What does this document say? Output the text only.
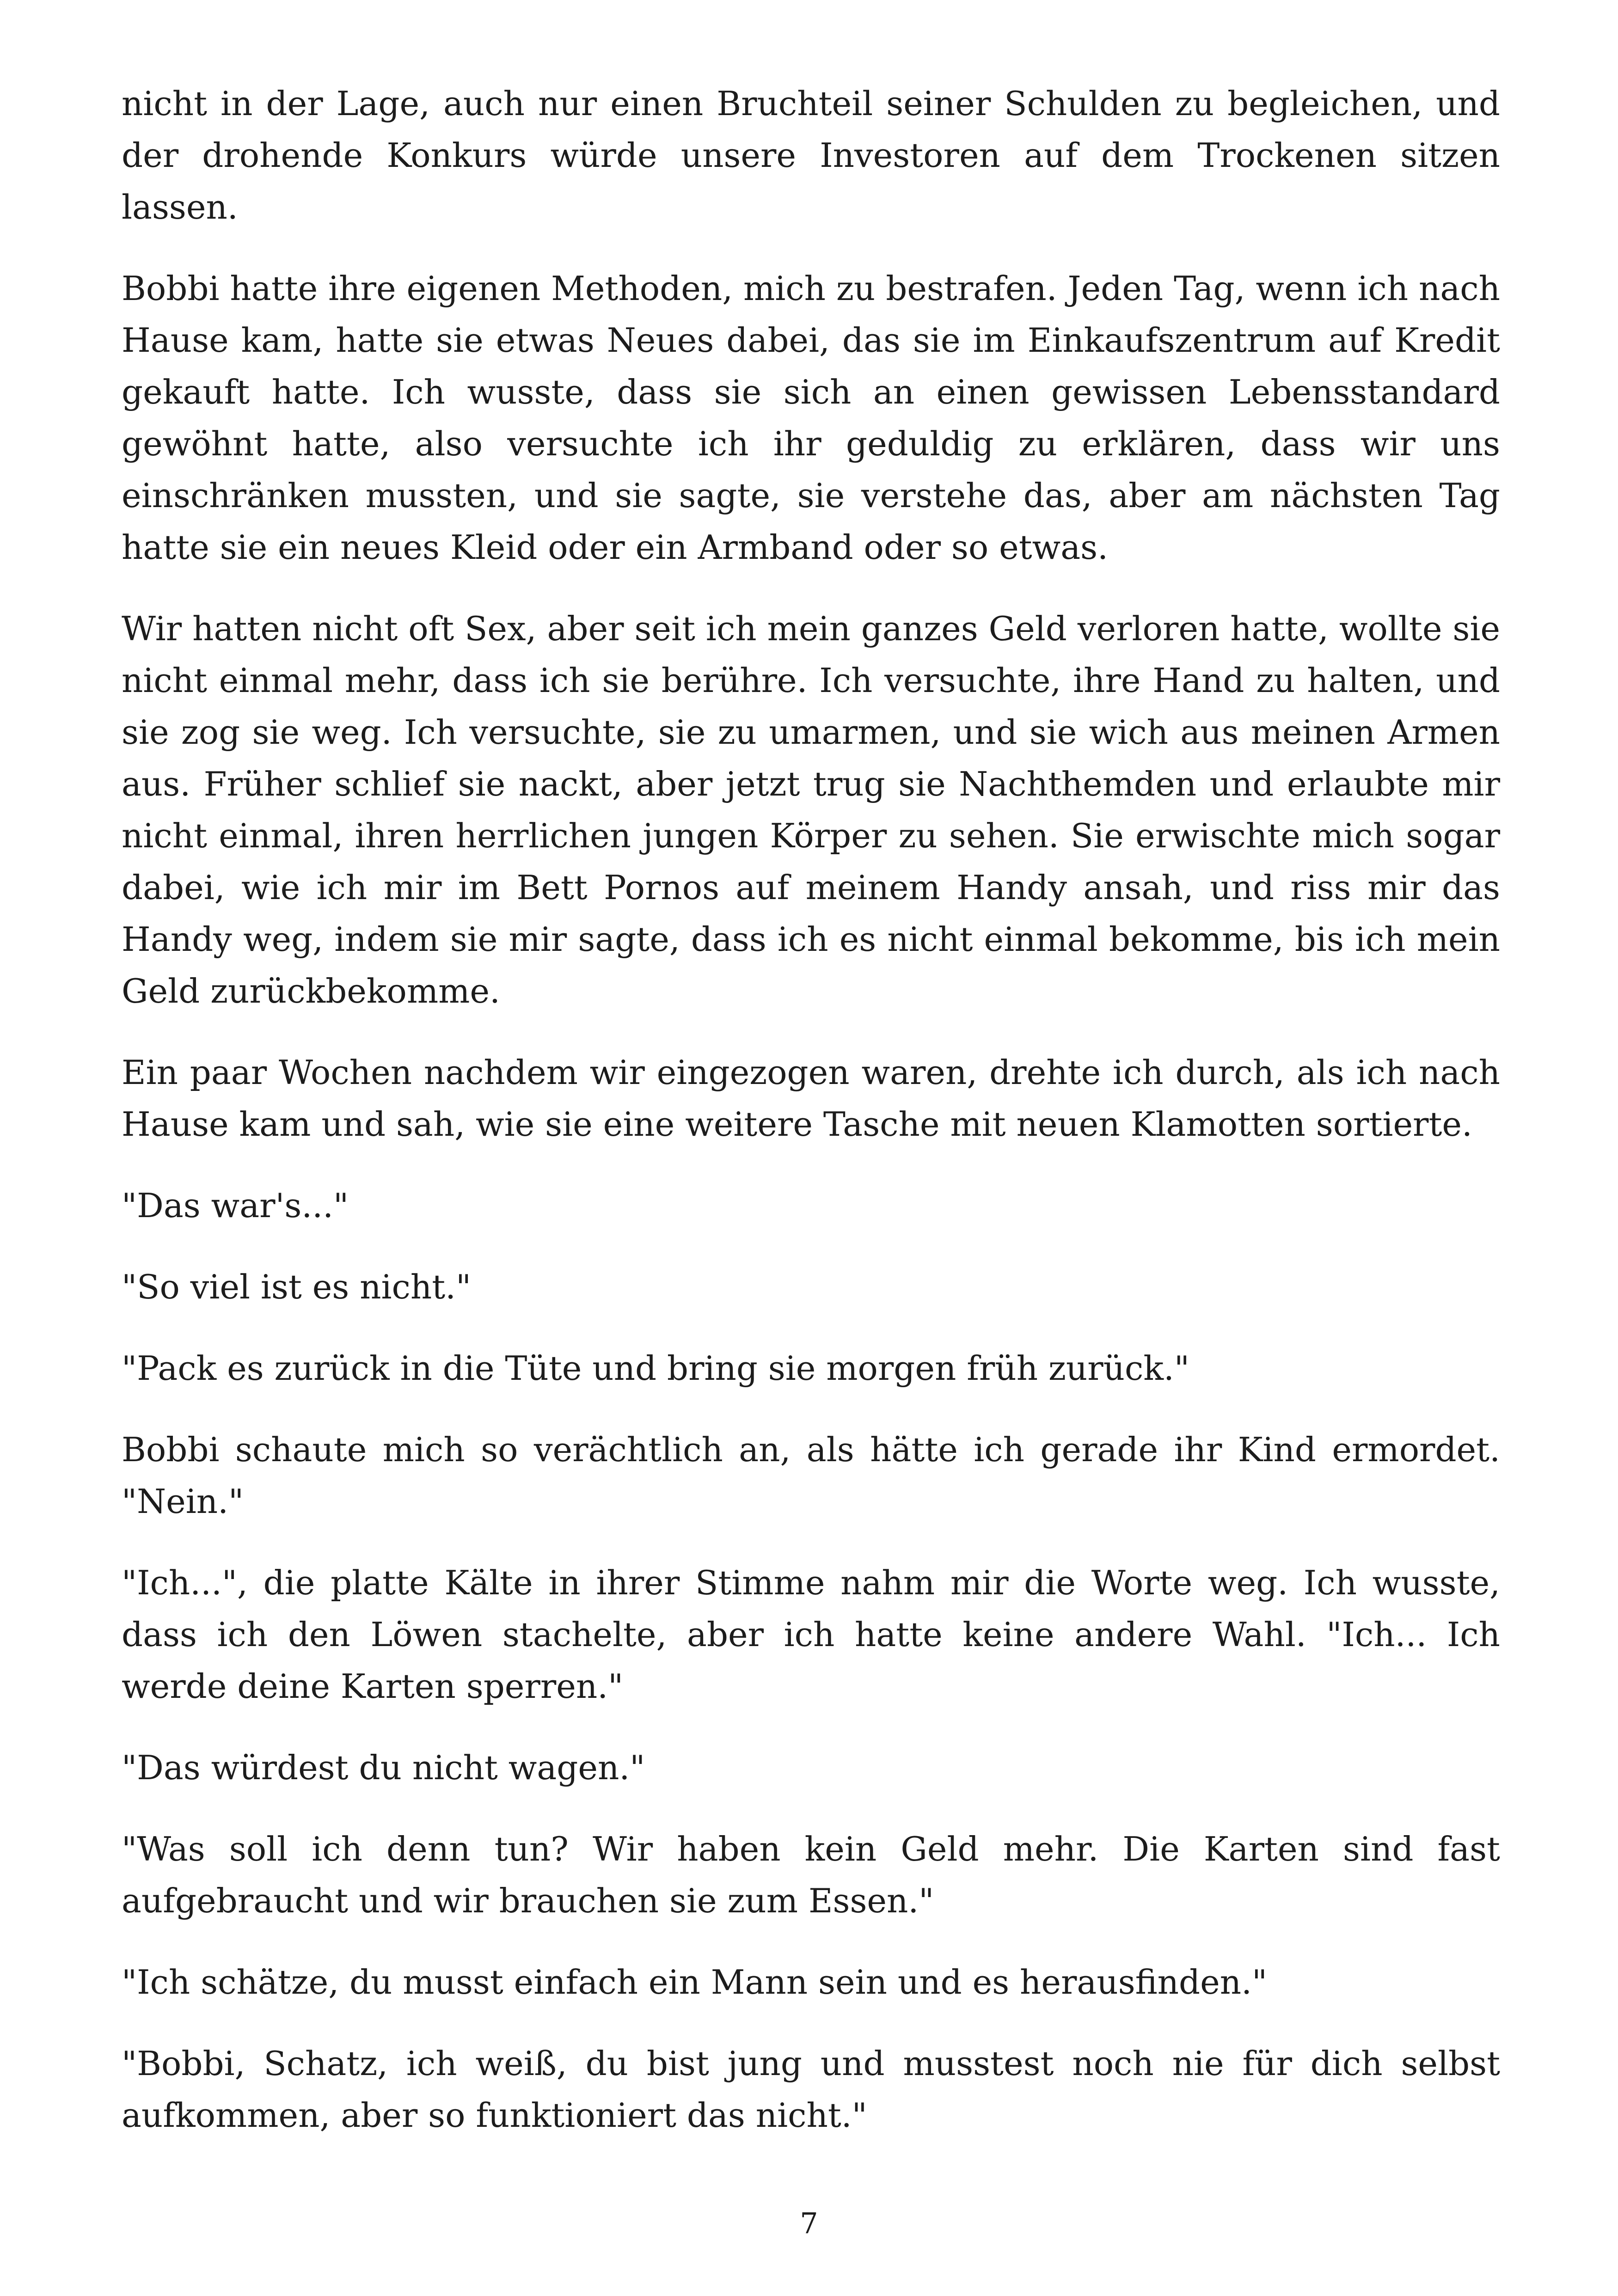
nicht in der Lage, auch nur einen Bruchteil seiner Schulden zu begleichen, und der drohende Konkurs würde unsere Investoren auf dem Trockenen sitzen lassen.

Bobbi hatte ihre eigenen Methoden, mich zu bestrafen. Jeden Tag, wenn ich nach Hause kam, hatte sie etwas Neues dabei, das sie im Einkaufszentrum auf Kredit gekauft hatte. Ich wusste, dass sie sich an einen gewissen Lebensstandard gewöhnt hatte, also versuchte ich ihr geduldig zu erklären, dass wir uns einschränken mussten, und sie sagte, sie verstehe das, aber am nächsten Tag hatte sie ein neues Kleid oder ein Armband oder so etwas.

Wir hatten nicht oft Sex, aber seit ich mein ganzes Geld verloren hatte, wollte sie nicht einmal mehr, dass ich sie berühre. Ich versuchte, ihre Hand zu halten, und sie zog sie weg. Ich versuchte, sie zu umarmen, und sie wich aus meinen Armen aus. Früher schlief sie nackt, aber jetzt trug sie Nachthemden und erlaubte mir nicht einmal, ihren herrlichen jungen Körper zu sehen. Sie erwischte mich sogar dabei, wie ich mir im Bett Pornos auf meinem Handy ansah, und riss mir das Handy weg, indem sie mir sagte, dass ich es nicht einmal bekomme, bis ich mein Geld zurückbekomme.

Ein paar Wochen nachdem wir eingezogen waren, drehte ich durch, als ich nach Hause kam und sah, wie sie eine weitere Tasche mit neuen Klamotten sortierte.

"Das war's..."

"So viel ist es nicht."

"Pack es zurück in die Tüte und bring sie morgen früh zurück."

Bobbi schaute mich so verächtlich an, als hätte ich gerade ihr Kind ermordet. "Nein."

"Ich...", die platte Kälte in ihrer Stimme nahm mir die Worte weg. Ich wusste, dass ich den Löwen stachelte, aber ich hatte keine andere Wahl. "Ich... Ich werde deine Karten sperren."

"Das würdest du nicht wagen."

"Was soll ich denn tun? Wir haben kein Geld mehr. Die Karten sind fast aufgebraucht und wir brauchen sie zum Essen."

"Ich schätze, du musst einfach ein Mann sein und es herausfinden."

"Bobbi, Schatz, ich weiß, du bist jung und musstest noch nie für dich selbst aufkommen, aber so funktioniert das nicht."

7
